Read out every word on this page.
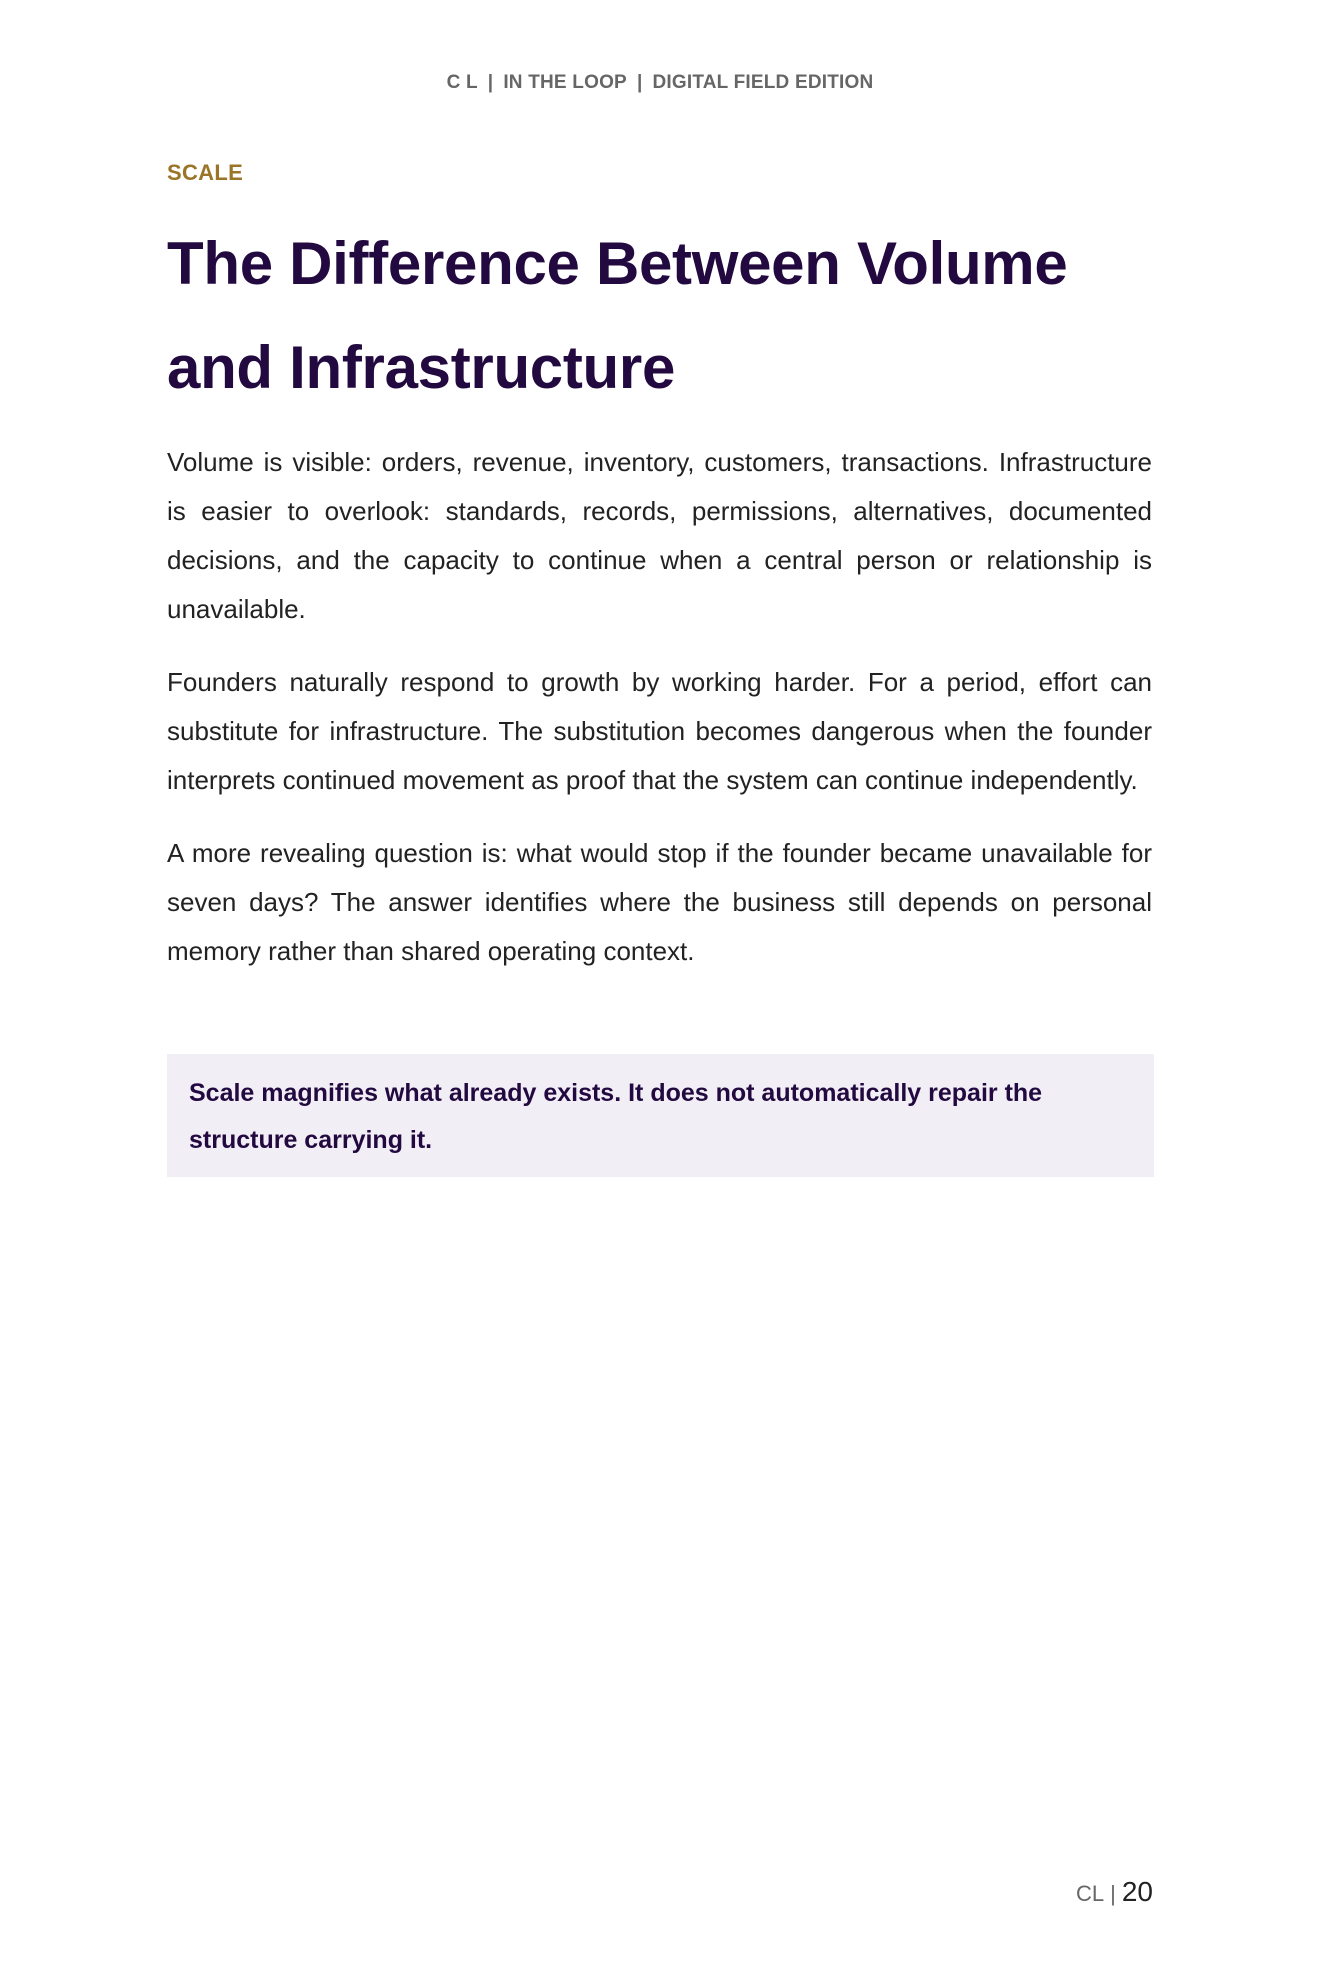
C L | IN THE LOOP | DIGITAL FIELD EDITION
SCALE
The Difference Between Volume and Infrastructure

Volume is visible: orders, revenue, inventory, customers, transactions. Infrastructure is easier to overlook: standards, records, permissions, alternatives, documented decisions, and the capacity to continue when a central person or relationship is unavailable.

Founders naturally respond to growth by working harder. For a period, effort can substitute for infrastructure. The substitution becomes dangerous when the founder interprets continued movement as proof that the system can continue independently.

A more revealing question is: what would stop if the founder became unavailable for seven days? The answer identifies where the business still depends on personal memory rather than shared operating context.

Scale magnifies what already exists. It does not automatically repair the structure carrying it.
CL | 20
